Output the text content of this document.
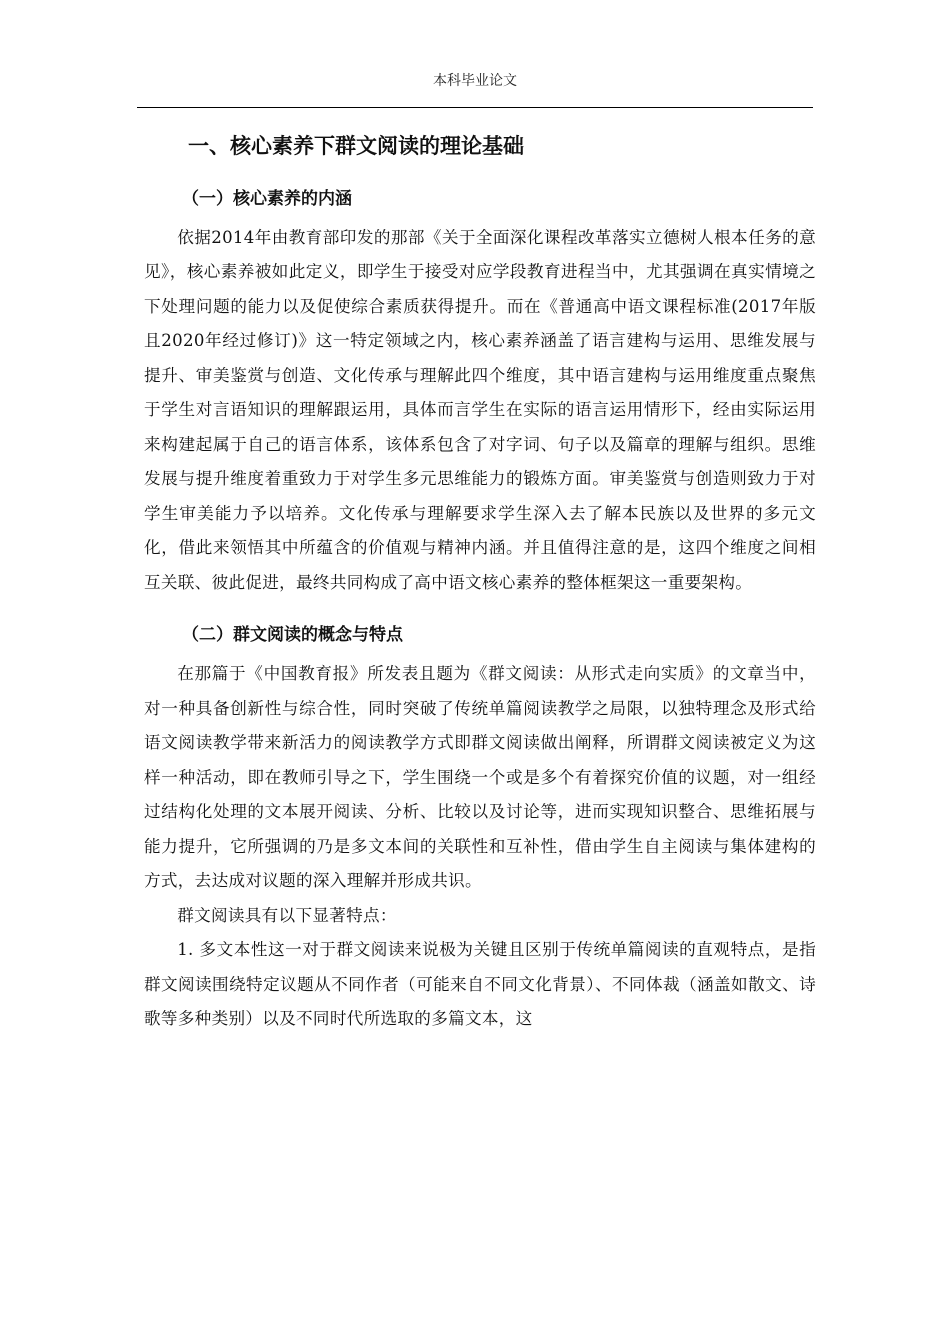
本科毕业论文
一、核心素养下群文阅读的理论基础
（一）核心素养的内涵

依据2014年由教育部印发的那部《关于全面深化课程改革落实立德树人根本任务的意见》，核心素养被如此定义，即学生于接受对应学段教育进程当中，尤其强调在真实情境之下处理问题的能力以及促使综合素质获得提升。而在《普通高中语文课程标准(2017年版且2020年经过修订)》这一特定领域之内，核心素养涵盖了语言建构与运用、思维发展与提升、审美鉴赏与创造、文化传承与理解此四个维度，其中语言建构与运用维度重点聚焦于学生对言语知识的理解跟运用，具体而言学生在实际的语言运用情形下，经由实际运用来构建起属于自己的语言体系，该体系包含了对字词、句子以及篇章的理解与组织。思维发展与提升维度着重致力于对学生多元思维能力的锻炼方面。审美鉴赏与创造则致力于对学生审美能力予以培养。文化传承与理解要求学生深入去了解本民族以及世界的多元文化，借此来领悟其中所蕴含的价值观与精神内涵。并且值得注意的是，这四个维度之间相互关联、彼此促进，最终共同构成了高中语文核心素养的整体框架这一重要架构。

（二）群文阅读的概念与特点

在那篇于《中国教育报》所发表且题为《群文阅读：从形式走向实质》的文章当中，对一种具备创新性与综合性，同时突破了传统单篇阅读教学之局限，以独特理念及形式给语文阅读教学带来新活力的阅读教学方式即群文阅读做出阐释，所谓群文阅读被定义为这样一种活动，即在教师引导之下，学生围绕一个或是多个有着探究价值的议题，对一组经过结构化处理的文本展开阅读、分析、比较以及讨论等，进而实现知识整合、思维拓展与能力提升，它所强调的乃是多文本间的关联性和互补性，借由学生自主阅读与集体建构的方式，去达成对议题的深入理解并形成共识。

群文阅读具有以下显著特点：

1. 多文本性这一对于群文阅读来说极为关键且区别于传统单篇阅读的直观特点，是指群文阅读围绕特定议题从不同作者（可能来自不同文化背景）、不同体裁（涵盖如散文、诗歌等多种类别）以及不同时代所选取的多篇文本，这
